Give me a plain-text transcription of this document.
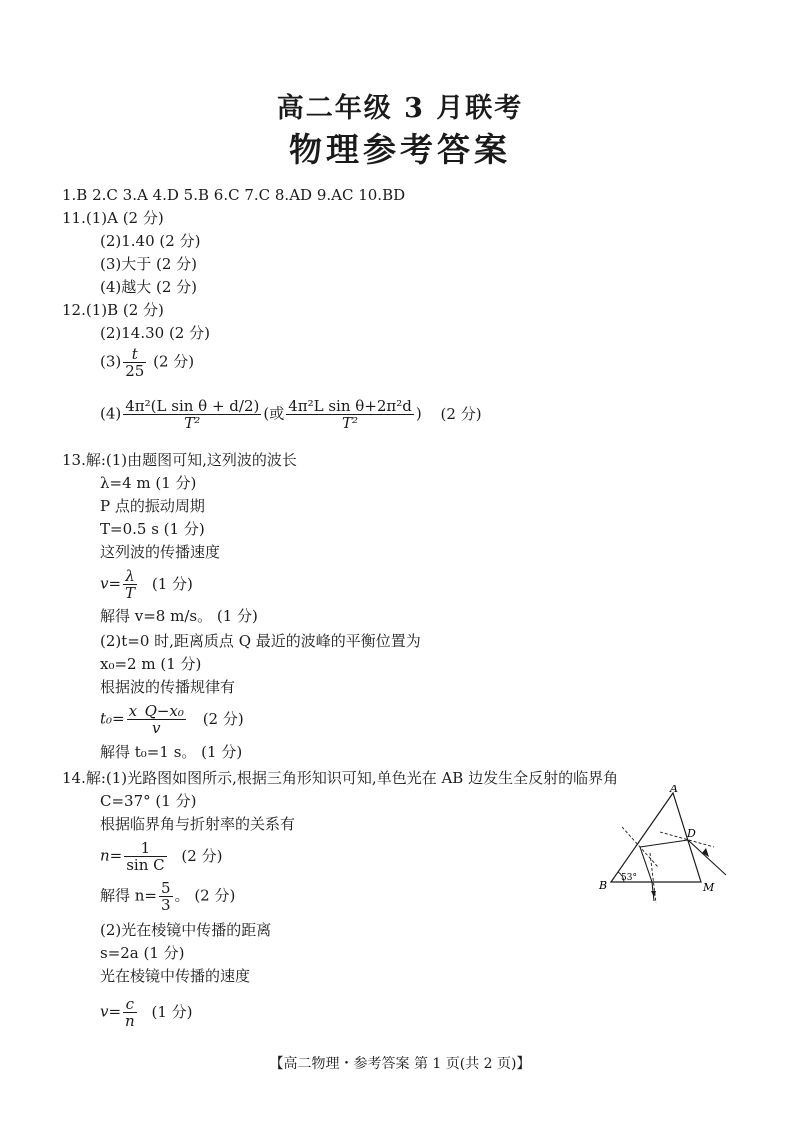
高二年级 3 月联考
物理参考答案
1.B 2.C 3.A 4.D 5.B 6.C 7.C 8.AD 9.AC 10.BD
11.(1)A (2 分)
(2)1.40 (2 分)
(3)大于 (2 分)
(4)越大 (2 分)
12.(1)B (2 分)
(2)14.30 (2 分)
$(3) \frac{t}{25} (2$ 分)
$(4) \frac{\text{4π²(L sin θ + d/2)}}{\text{T²}}$ (或 $\frac{\text{4π²L sin θ+2π²d}}{\text{T²}}$ ) (2 分)
13.解:(1)由题图可知,这列波的波长
λ=4 m (1 分)
P 点的振动周期
T=0.5 s (1 分)
这列波的传播速度
$v= \frac{\lambda}{T} (1$ 分)
解得 v=8 m/s。 (1 分)
(2)t=0 时,距离质点 Q 最近的波峰的平衡位置为
x₀=2 m (1 分)
根据波的传播规律有
$t_0= \frac{\text{x\_Q−x₀}}{v} (2$ 分)
解得 t₀=1 s。 (1 分)
14.解:(1)光路图如图所示,根据三角形知识可知,单色光在 AB 边发生全反射的临界角
C=37° (1 分)
根据临界角与折射率的关系有
$n= \frac{1}{\text{sin C}} (2$ 分)
解得 $n= \frac{5}{3}$ 。 (2 分)
(2)光在棱镜中传播的距离
s=2a (1 分)
光在棱镜中传播的速度
$v= \frac{c}{n} (1$ 分)
A
B	M
D
53°
【高二物理・参考答案 第 1 页(共 2 页)】
